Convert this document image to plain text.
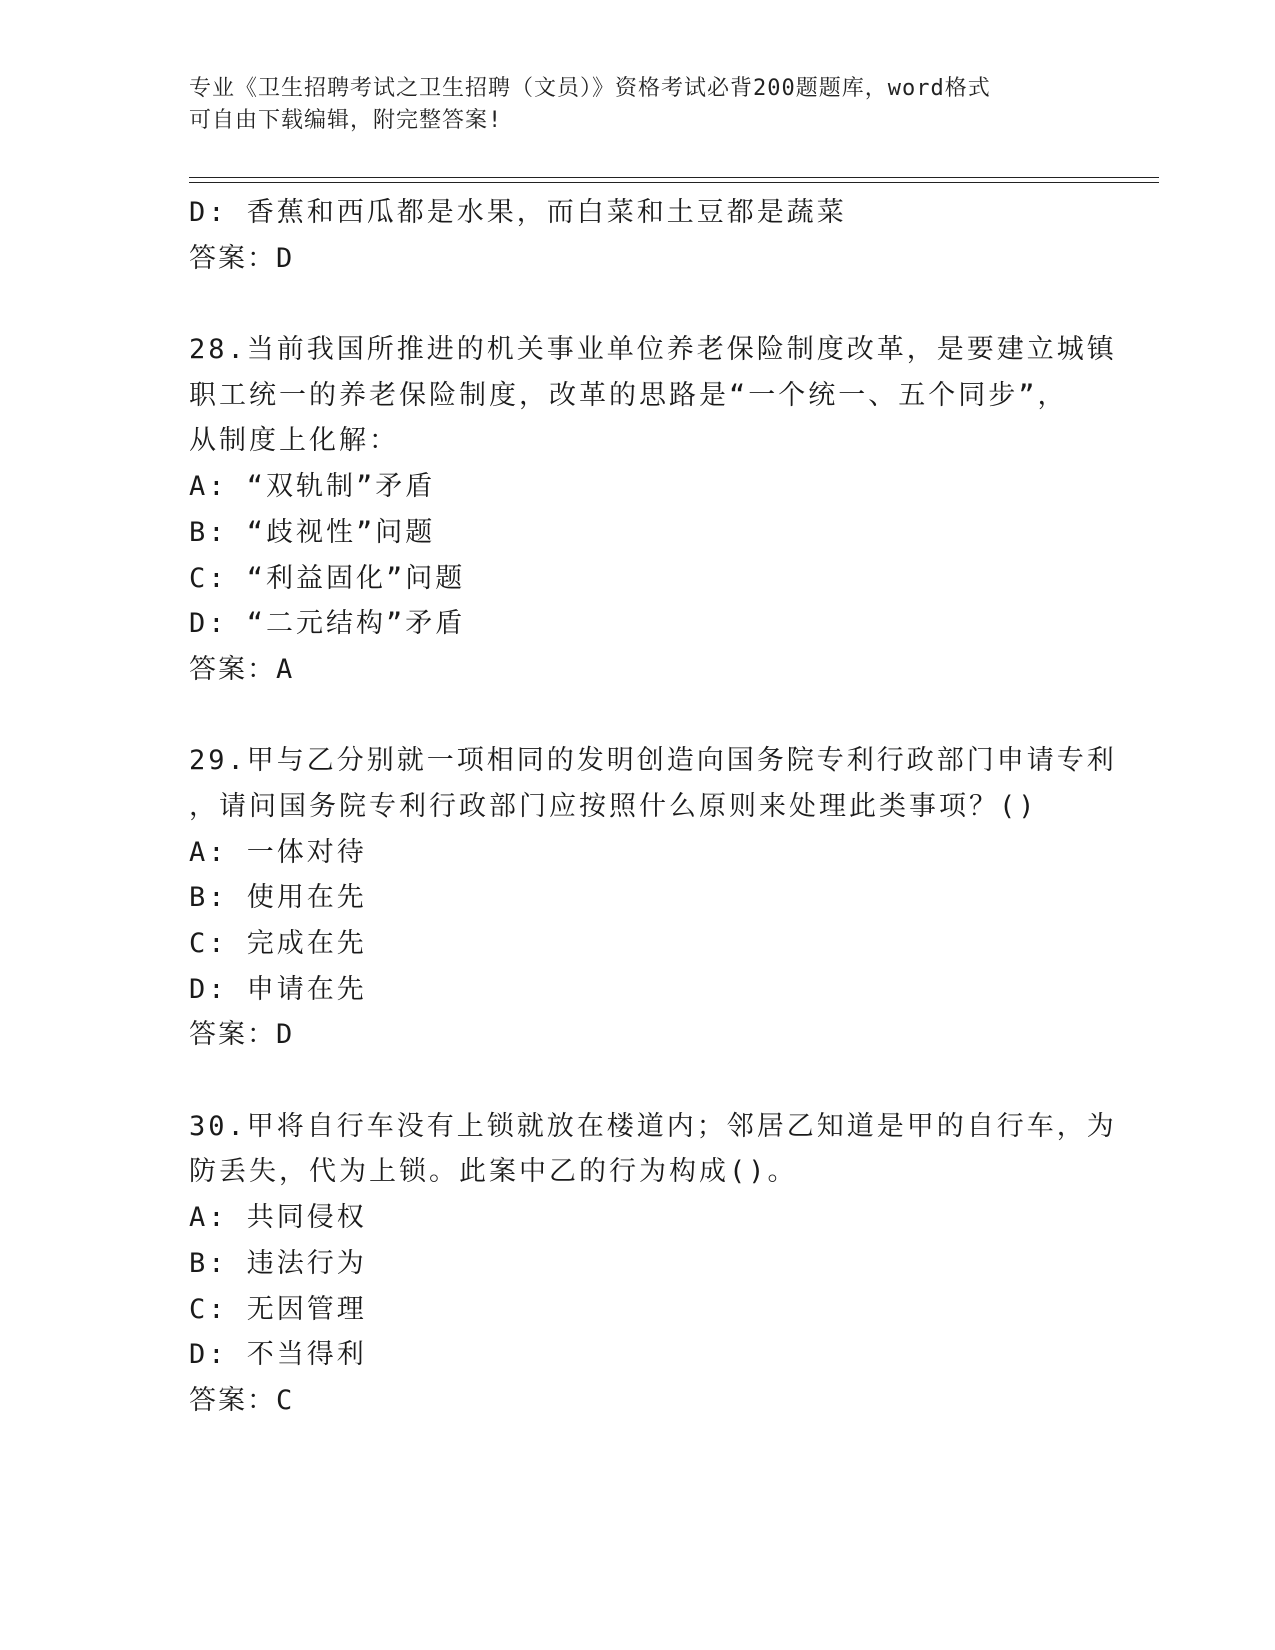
专业《卫生招聘考试之卫生招聘（文员）》资格考试必背200题题库，word格式
可自由下载编辑，附完整答案!
D: 香蕉和西瓜都是水果，而白菜和土豆都是蔬菜
答案：D
28.当前我国所推进的机关事业单位养老保险制度改革，是要建立城镇
职工统一的养老保险制度，改革的思路是“一个统一、五个同步”，
从制度上化解：
A: “双轨制”矛盾
B: “歧视性”问题
C: “利益固化”问题
D: “二元结构”矛盾
答案：A
29.甲与乙分别就一项相同的发明创造向国务院专利行政部门申请专利
，请问国务院专利行政部门应按照什么原则来处理此类事项？()
A: 一体对待
B: 使用在先
C: 完成在先
D: 申请在先
答案：D
30.甲将自行车没有上锁就放在楼道内；邻居乙知道是甲的自行车，为
防丢失，代为上锁。此案中乙的行为构成()。
A: 共同侵权
B: 违法行为
C: 无因管理
D: 不当得利
答案：C
